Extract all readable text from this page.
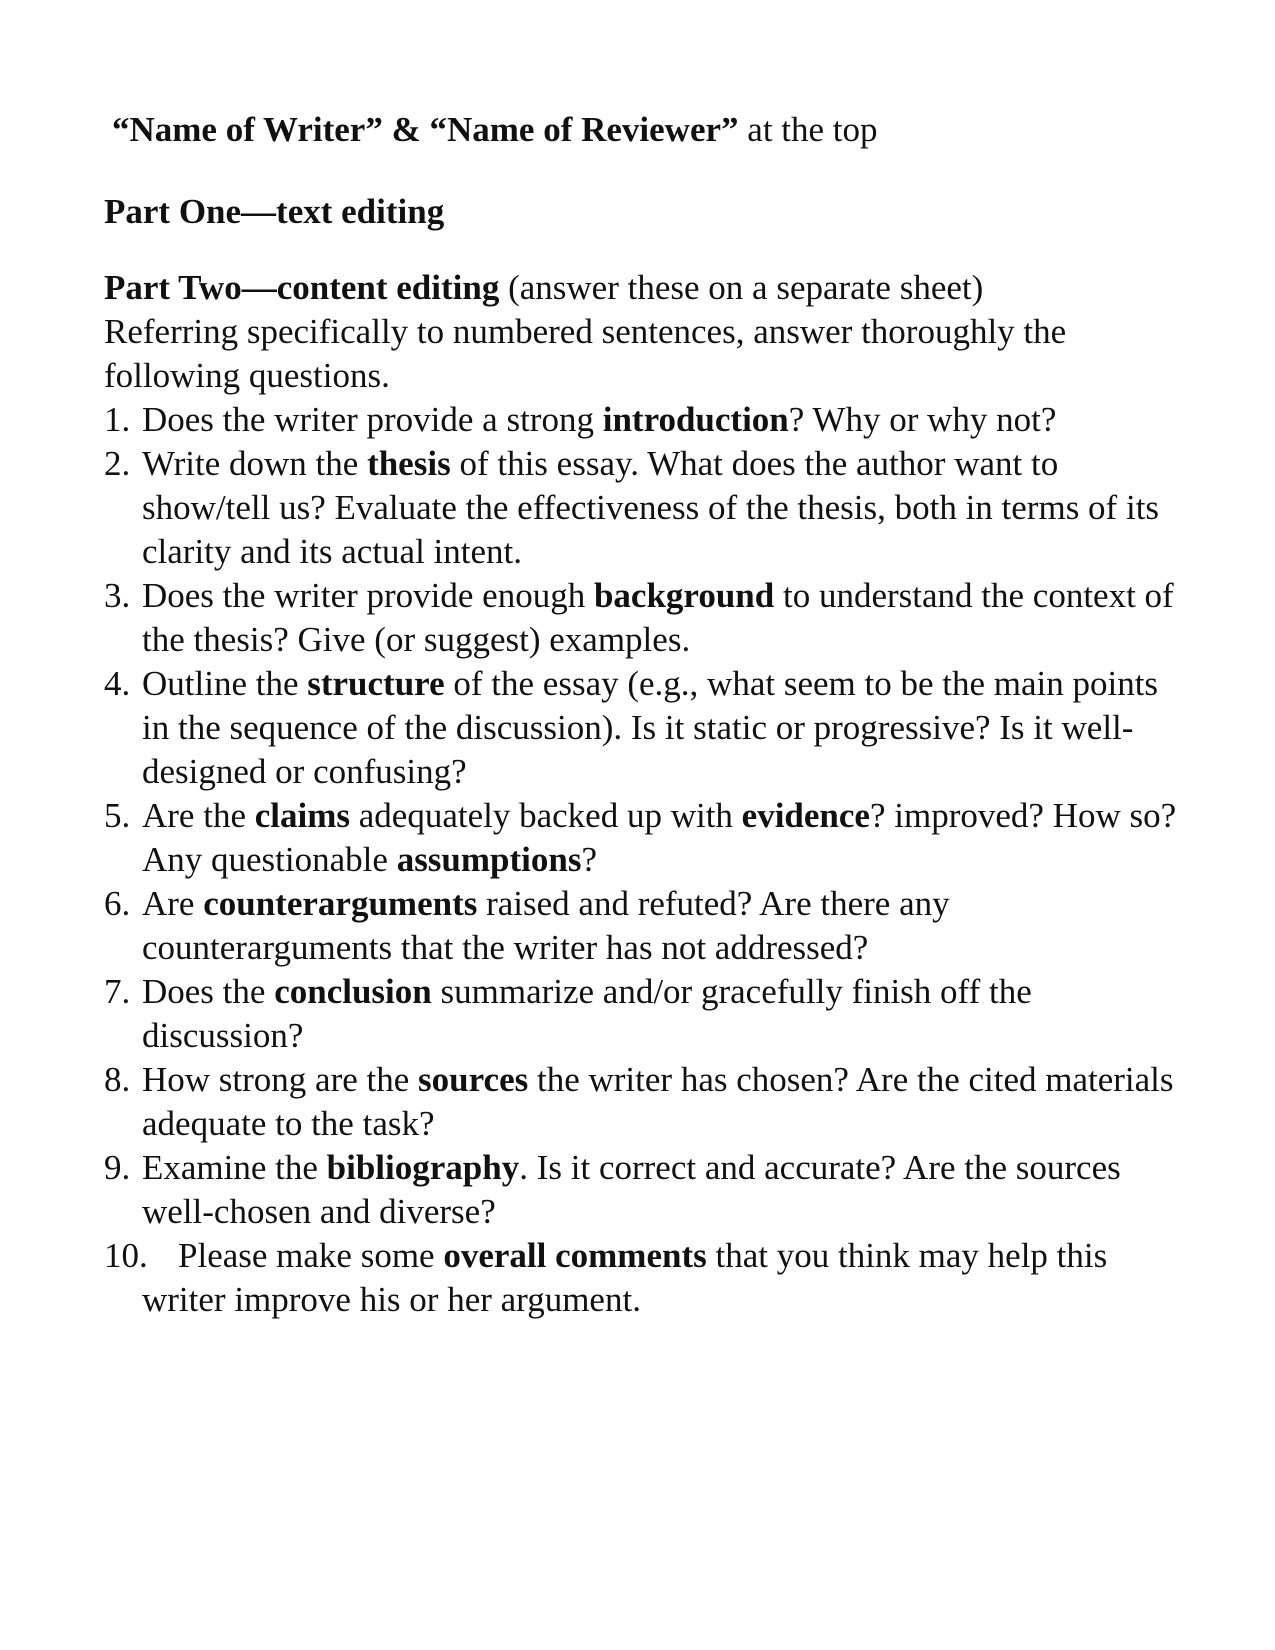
“Name of Writer” & “Name of Reviewer” at the top

Part One—text editing

Part Two—content editing (answer these on a separate sheet)

Referring specifically to numbered sentences, answer thoroughly the following questions.

1. Does the writer provide a strong introduction? Why or why not?
2. Write down the thesis of this essay. What does the author want to show/tell us? Evaluate the effectiveness of the thesis, both in terms of its clarity and its actual intent.
3. Does the writer provide enough background to understand the context of the thesis? Give (or suggest) examples.
4. Outline the structure of the essay (e.g., what seem to be the main points in the sequence of the discussion). Is it static or progressive? Is it well-designed or confusing?
5. Are the claims adequately backed up with evidence? improved? How so? Any questionable assumptions?
6. Are counterarguments raised and refuted? Are there any counterarguments that the writer has not addressed?
7. Does the conclusion summarize and/or gracefully finish off the discussion?
8. How strong are the sources the writer has chosen? Are the cited materials adequate to the task?
9. Examine the bibliography. Is it correct and accurate? Are the sources well-chosen and diverse?
10. Please make some overall comments that you think may help this writer improve his or her argument.
